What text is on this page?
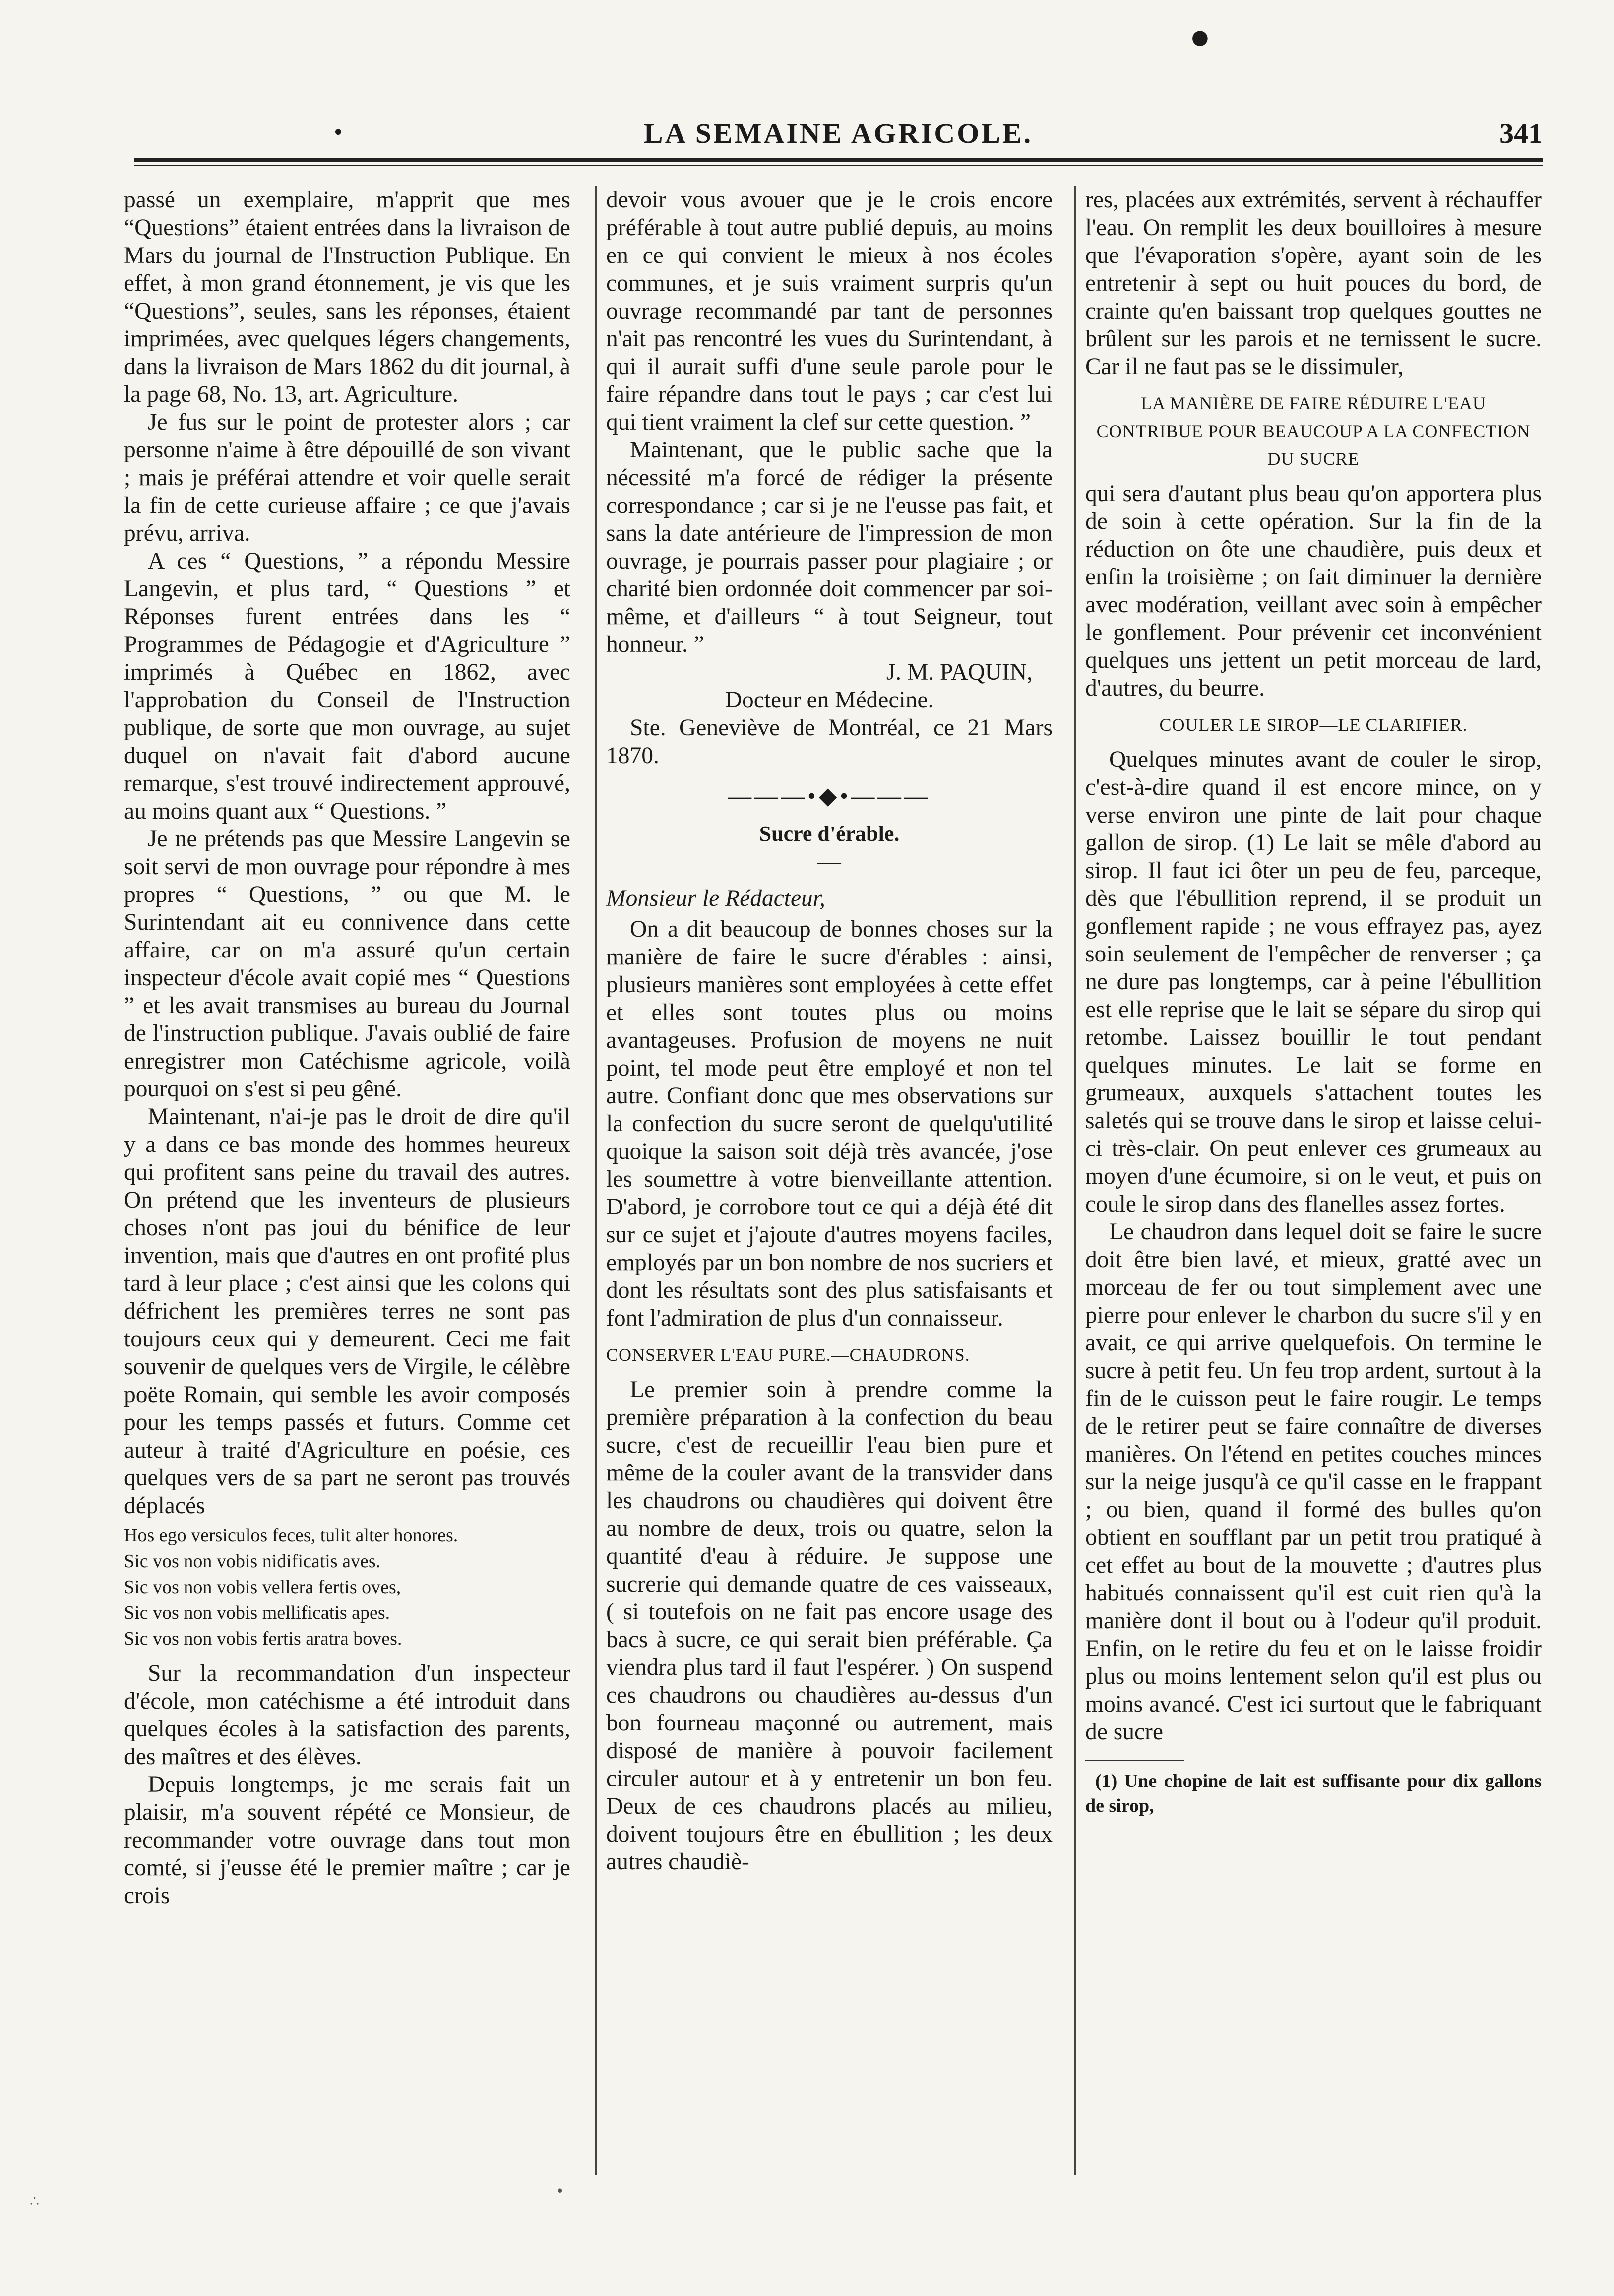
●
•	LA SEMAINE AGRICOLE.	341

passé un exemplaire, m'apprit que mes “Questions” étaient entrées dans la livraison de Mars du journal de l'Instruction Publique. En effet, à mon grand étonnement, je vis que les “Questions”, seules, sans les réponses, étaient imprimées, avec quelques légers changements, dans la livraison de Mars 1862 du dit journal, à la page 68, No. 13, art. Agriculture.

Je fus sur le point de protester alors ; car personne n'aime à être dépouillé de son vivant ; mais je préférai attendre et voir quelle serait la fin de cette curieuse affaire ; ce que j'avais prévu, arriva.

A ces “ Questions, ” a répondu Messire Langevin, et plus tard, “ Questions ” et Réponses furent entrées dans les “ Programmes de Pédagogie et d'Agriculture ” imprimés à Québec en 1862, avec l'approbation du Conseil de l'Instruction publique, de sorte que mon ouvrage, au sujet duquel on n'avait fait d'abord aucune remarque, s'est trouvé indirectement approuvé, au moins quant aux “ Questions. ”

Je ne prétends pas que Messire Langevin se soit servi de mon ouvrage pour répondre à mes propres “ Questions, ” ou que M. le Surintendant ait eu connivence dans cette affaire, car on m'a assuré qu'un certain inspecteur d'école avait copié mes “ Questions ” et les avait transmises au bureau du Journal de l'instruction publique. J'avais oublié de faire enregistrer mon Catéchisme agricole, voilà pourquoi on s'est si peu gêné.

Maintenant, n'ai-je pas le droit de dire qu'il y a dans ce bas monde des hommes heureux qui profitent sans peine du travail des autres. On prétend que les inventeurs de plusieurs choses n'ont pas joui du bénifice de leur invention, mais que d'autres en ont profité plus tard à leur place ; c'est ainsi que les colons qui défrichent les premières terres ne sont pas toujours ceux qui y demeurent. Ceci me fait souvenir de quelques vers de Virgile, le célèbre poëte Romain, qui semble les avoir composés pour les temps passés et futurs. Comme cet auteur à traité d'Agriculture en poésie, ces quelques vers de sa part ne seront pas trouvés déplacés

Hos ego versiculos feces, tulit alter honores.
Sic vos non vobis nidificatis aves.
Sic vos non vobis vellera fertis oves,
Sic vos non vobis mellificatis apes.
Sic vos non vobis fertis aratra boves.

Sur la recommandation d'un inspecteur d'école, mon catéchisme a été introduit dans quelques écoles à la satisfaction des parents, des maîtres et des élèves.

Depuis longtemps, je me serais fait un plaisir, m'a souvent répété ce Monsieur, de recommander votre ouvrage dans tout mon comté, si j'eusse été le premier maître ; car je crois

devoir vous avouer que je le crois encore préférable à tout autre publié depuis, au moins en ce qui convient le mieux à nos écoles communes, et je suis vraiment surpris qu'un ouvrage recommandé par tant de personnes n'ait pas rencontré les vues du Surintendant, à qui il aurait suffi d'une seule parole pour le faire répandre dans tout le pays ; car c'est lui qui tient vraiment la clef sur cette question. ”

Maintenant, que le public sache que la nécessité m'a forcé de rédiger la présente correspondance ; car si je ne l'eusse pas fait, et sans la date antérieure de l'impression de mon ouvrage, je pourrais passer pour plagiaire ; or charité bien ordonnée doit commencer par soi-même, et d'ailleurs “ à tout Seigneur, tout honneur. ”

J. M. PAQUIN,

Docteur en Médecine.

Ste. Geneviève de Montréal, ce 21 Mars 1870.

———•◆•———

Sucre d'érable.

—

Monsieur le Rédacteur,

On a dit beaucoup de bonnes choses sur la manière de faire le sucre d'érables : ainsi, plusieurs manières sont employées à cette effet et elles sont toutes plus ou moins avantageuses. Profusion de moyens ne nuit point, tel mode peut être employé et non tel autre. Confiant donc que mes observations sur la confection du sucre seront de quelqu'utilité quoique la saison soit déjà très avancée, j'ose les soumettre à votre bienveillante attention. D'abord, je corrobore tout ce qui a déjà été dit sur ce sujet et j'ajoute d'autres moyens faciles, employés par un bon nombre de nos sucriers et dont les résultats sont des plus satisfaisants et font l'admiration de plus d'un connaisseur.

CONSERVER L'EAU PURE.—CHAUDRONS.

Le premier soin à prendre comme la première préparation à la confection du beau sucre, c'est de recueillir l'eau bien pure et même de la couler avant de la transvider dans les chaudrons ou chaudières qui doivent être au nombre de deux, trois ou quatre, selon la quantité d'eau à réduire. Je suppose une sucrerie qui demande quatre de ces vaisseaux, ( si toutefois on ne fait pas encore usage des bacs à sucre, ce qui serait bien préférable. Ça viendra plus tard il faut l'espérer. ) On suspend ces chaudrons ou chaudières au-dessus d'un bon fourneau maçonné ou autrement, mais disposé de manière à pouvoir facilement circuler autour et à y entretenir un bon feu. Deux de ces chaudrons placés au milieu, doivent toujours être en ébullition ; les deux autres chaudiè-

res, placées aux extrémités, servent à réchauffer l'eau. On remplit les deux bouilloires à mesure que l'évaporation s'opère, ayant soin de les entretenir à sept ou huit pouces du bord, de crainte qu'en baissant trop quelques gouttes ne brûlent sur les parois et ne ternissent le sucre. Car il ne faut pas se le dissimuler,

LA MANIÈRE DE FAIRE RÉDUIRE L'EAU CONTRIBUE POUR BEAUCOUP A LA CONFECTION DU SUCRE

qui sera d'autant plus beau qu'on apportera plus de soin à cette opération. Sur la fin de la réduction on ôte une chaudière, puis deux et enfin la troisième ; on fait diminuer la dernière avec modération, veillant avec soin à empêcher le gonflement. Pour prévenir cet inconvénient quelques uns jettent un petit morceau de lard, d'autres, du beurre.

COULER LE SIROP—LE CLARIFIER.

Quelques minutes avant de couler le sirop, c'est-à-dire quand il est encore mince, on y verse environ une pinte de lait pour chaque gallon de sirop. (1) Le lait se mêle d'abord au sirop. Il faut ici ôter un peu de feu, parceque, dès que l'ébullition reprend, il se produit un gonflement rapide ; ne vous effrayez pas, ayez soin seulement de l'empêcher de renverser ; ça ne dure pas longtemps, car à peine l'ébullition est elle reprise que le lait se sépare du sirop qui retombe. Laissez bouillir le tout pendant quelques minutes. Le lait se forme en grumeaux, auxquels s'attachent toutes les saletés qui se trouve dans le sirop et laisse celui-ci très-clair. On peut enlever ces grumeaux au moyen d'une écumoire, si on le veut, et puis on coule le sirop dans des flanelles assez fortes.

Le chaudron dans lequel doit se faire le sucre doit être bien lavé, et mieux, gratté avec un morceau de fer ou tout simplement avec une pierre pour enlever le charbon du sucre s'il y en avait, ce qui arrive quelquefois. On termine le sucre à petit feu. Un feu trop ardent, surtout à la fin de le cuisson peut le faire rougir. Le temps de le retirer peut se faire connaître de diverses manières. On l'étend en petites couches minces sur la neige jusqu'à ce qu'il casse en le frappant ; ou bien, quand il formé des bulles qu'on obtient en soufflant par un petit trou pratiqué à cet effet au bout de la mouvette ; d'autres plus habitués connaissent qu'il est cuit rien qu'à la manière dont il bout ou à l'odeur qu'il produit. Enfin, on le retire du feu et on le laisse froidir plus ou moins lentement selon qu'il est plus ou moins avancé. C'est ici surtout que le fabriquant de sucre

(1) Une chopine de lait est suffisante pour dix gallons de sirop,

∴
•
